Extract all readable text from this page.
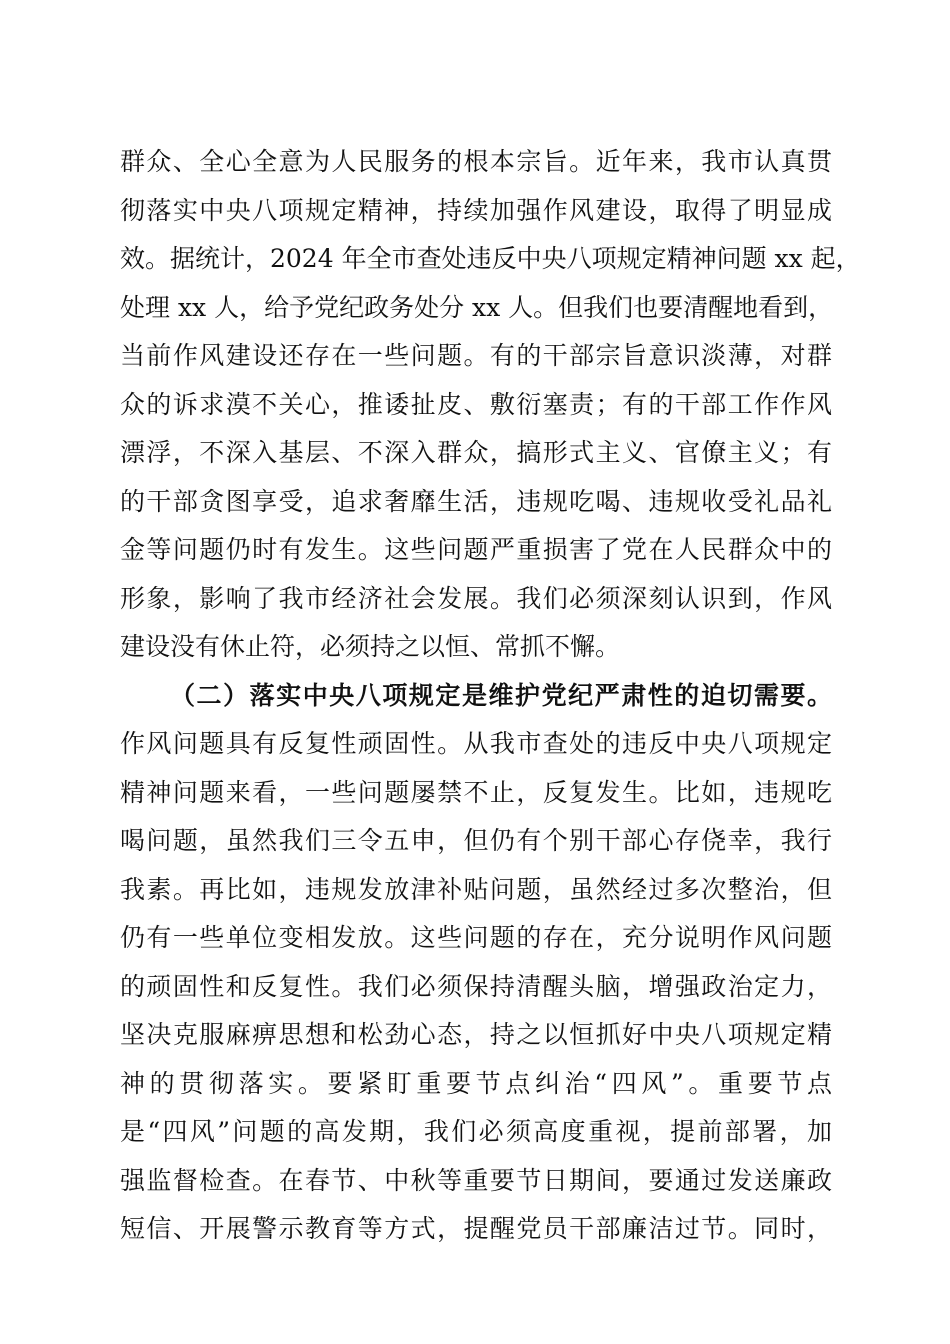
群众、全心全意为人民服务的根本宗旨。近年来，我市认真贯
彻落实中央八项规定精神，持续加强作风建设，取得了明显成
效。据统计，2024 年全市查处违反中央八项规定精神问题 xx 起，
处理 xx 人，给予党纪政务处分 xx 人。但我们也要清醒地看到，
当前作风建设还存在一些问题。有的干部宗旨意识淡薄，对群
众的诉求漠不关心，推诿扯皮、敷衍塞责；有的干部工作作风
漂浮，不深入基层、不深入群众，搞形式主义、官僚主义；有
的干部贪图享受，追求奢靡生活，违规吃喝、违规收受礼品礼
金等问题仍时有发生。这些问题严重损害了党在人民群众中的
形象，影响了我市经济社会发展。我们必须深刻认识到，作风
建设没有休止符，必须持之以恒、常抓不懈。
（二）落实中央八项规定是维护党纪严肃性的迫切需要。
作风问题具有反复性顽固性。从我市查处的违反中央八项规定
精神问题来看，一些问题屡禁不止，反复发生。比如，违规吃
喝问题，虽然我们三令五申，但仍有个别干部心存侥幸，我行
我素。再比如，违规发放津补贴问题，虽然经过多次整治，但
仍有一些单位变相发放。这些问题的存在，充分说明作风问题
的顽固性和反复性。我们必须保持清醒头脑，增强政治定力，
坚决克服麻痹思想和松劲心态，持之以恒抓好中央八项规定精
神的贯彻落实。要紧盯重要节点纠治“四风”。重要节点
是“四风”问题的高发期，我们必须高度重视，提前部署，加
强监督检查。在春节、中秋等重要节日期间，要通过发送廉政
短信、开展警示教育等方式，提醒党员干部廉洁过节。同时，
